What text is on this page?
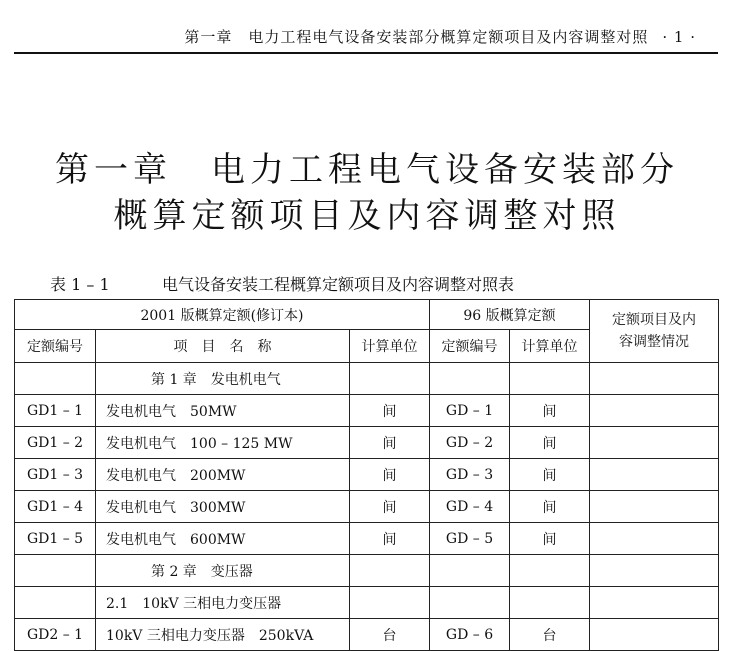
第一章　电力工程电气设备安装部分概算定额项目及内容调整对照 · 1 ·
第一章　电力工程电气设备安装部分
概算定额项目及内容调整对照
表 1 – 1	电气设备安装工程概算定额项目及内容调整对照表
2001 版概算定额(修订本)			96 版概算定额		定额项目及内容调整情况
定额编号	项　目　名　称	计算单位	定额编号	计算单位	
	第 1 章　发电机电气				
GD1 – 1	发电机电气　50MW	间	GD – 1	间	
GD1 – 2	发电机电气　100 – 125 MW	间	GD – 2	间	
GD1 – 3	发电机电气　200MW	间	GD – 3	间	
GD1 – 4	发电机电气　300MW	间	GD – 4	间	
GD1 – 5	发电机电气　600MW	间	GD – 5	间	
	第 2 章　变压器				
	2.1　10kV 三相电力变压器				
GD2 – 1	10kV 三相电力变压器　250kVA	台	GD – 6	台	
